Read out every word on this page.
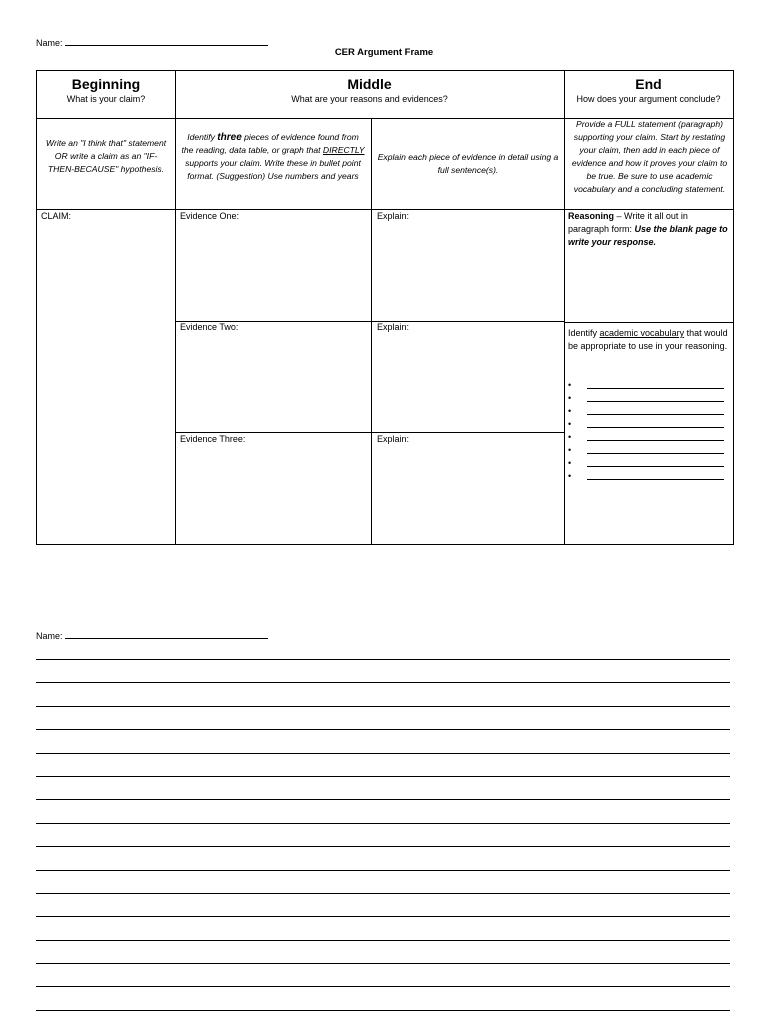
Name:
CER Argument Frame
Beginning
What is your claim?
Middle
What are your reasons and evidences?
End
How does your argument conclude?
Write an "I think that" statement OR write a claim as an "IF-THEN-BECAUSE" hypothesis.
Identify three pieces of evidence found from the reading, data table, or graph that DIRECTLY supports your claim. Write these in bullet point format. (Suggestion) Use numbers and years
Explain each piece of evidence in detail using a full sentence(s).
Provide a FULL statement (paragraph) supporting your claim. Start by restating your claim, then add in each piece of evidence and how it proves your claim to be true. Be sure to use academic vocabulary and a concluding statement.
CLAIM:	Evidence One:
Evidence Two:
Evidence Three:
Explain:
Explain:
Explain:
Reasoning – Write it all out in paragraph form: Use the blank page to write your response.
Identify academic vocabulary that would be appropriate to use in your reasoning.
•
•
•
•
•
•
•
•
Name:
